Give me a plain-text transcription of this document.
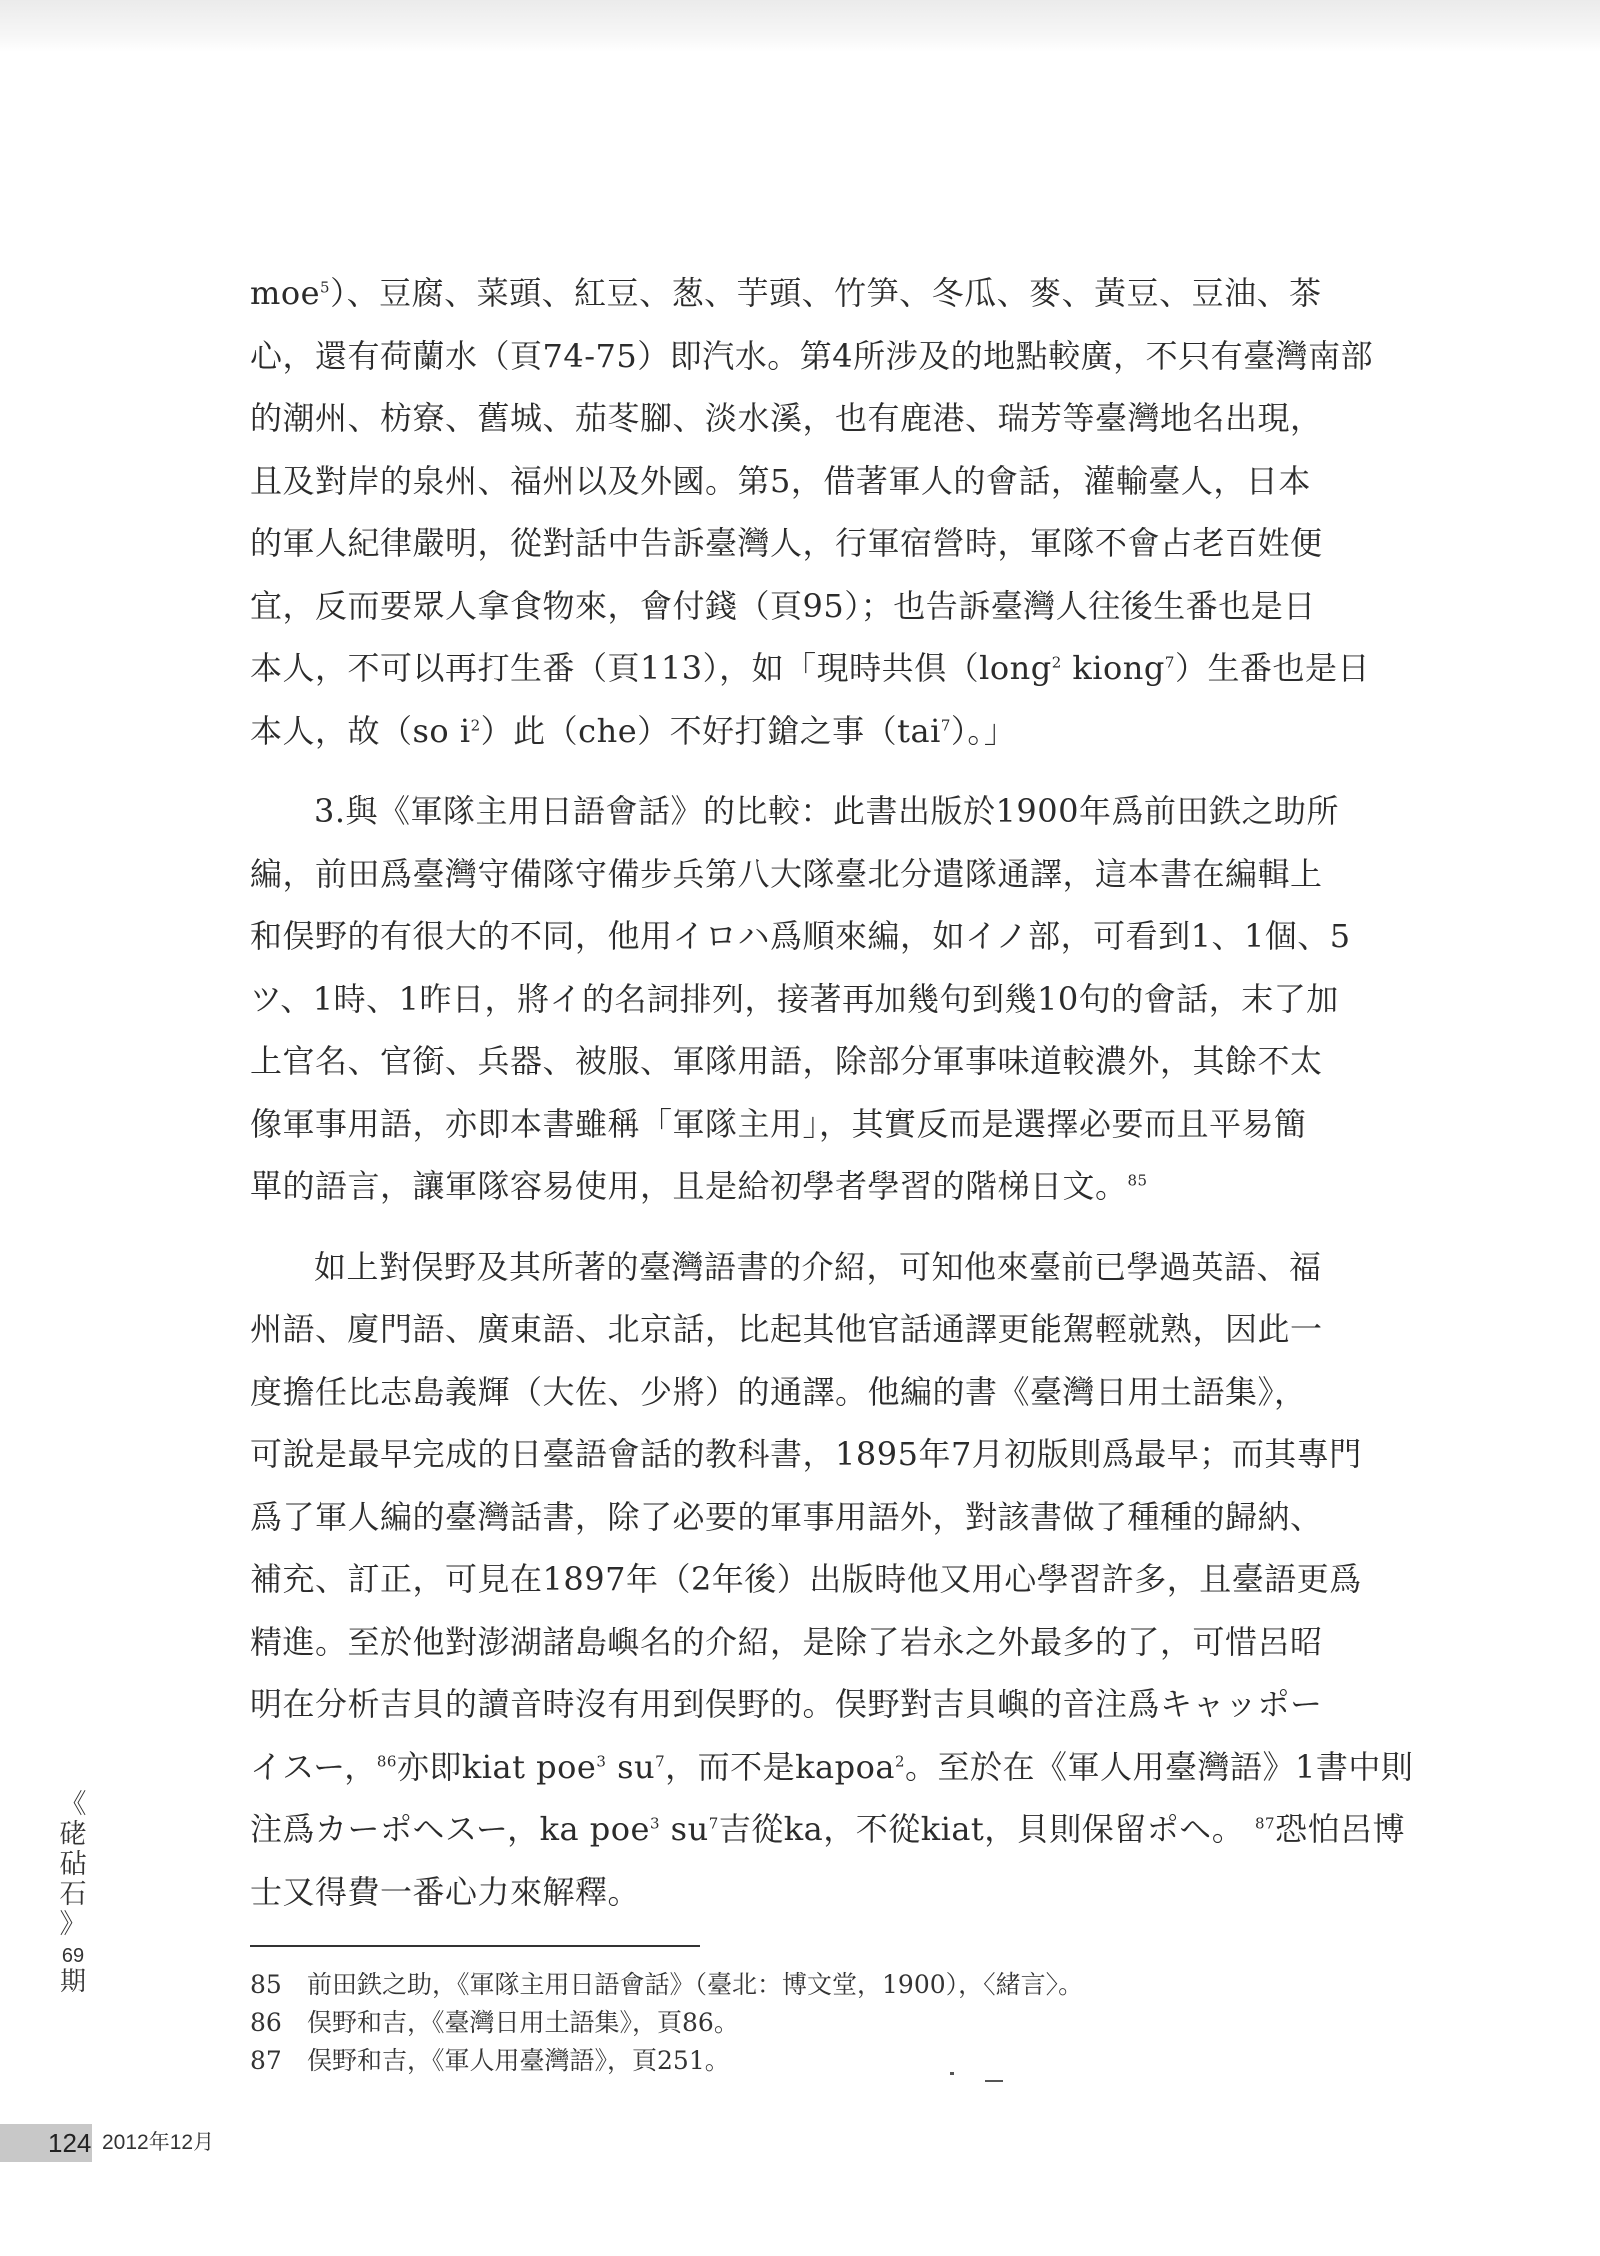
moe$^5$）、豆腐、菜頭、紅豆、葱、芋頭、竹笋、冬瓜、麥、黃豆、豆油、茶
心，還有荷蘭水（頁74-75）即汽水。第4所涉及的地點較廣，不只有臺灣南部
的潮州、枋寮、舊城、茄苳腳、淡水溪，也有鹿港、瑞芳等臺灣地名出現，
且及對岸的泉州、福州以及外國。第5，借著軍人的會話，灌輸臺人，日本
的軍人紀律嚴明，從對話中告訴臺灣人，行軍宿營時，軍隊不會占老百姓便
宜，反而要眾人拿食物來，會付錢（頁95）；也告訴臺灣人往後生番也是日
本人，不可以再打生番（頁113），如「現時共倶（long$^2$ kiong$^7$）生番也是日
本人，故（so $i^2$）此（che）不好打鎗之事（tai$^7$）。」
3.與《軍隊主用日語會話》的比較：此書出版於1900年爲前田鉄之助所
編，前田爲臺灣守備隊守備步兵第八大隊臺北分遣隊通譯，這本書在編輯上
和俣野的有很大的不同，他用イロハ爲順來編，如イノ部，可看到1、1個、5
ツ、1時、1昨日，將イ的名詞排列，接著再加幾句到幾10句的會話，末了加
上官名、官銜、兵器、被服、軍隊用語，除部分軍事味道較濃外，其餘不太
像軍事用語，亦即本書雖稱「軍隊主用」，其實反而是選擇必要而且平易簡
單的語言，讓軍隊容易使用，且是給初學者學習的階梯日文。$^{85}$
如上對俣野及其所著的臺灣語書的介紹，可知他來臺前已學過英語、福
州語、廈門語、廣東語、北京話，比起其他官話通譯更能駕輕就熟，因此一
度擔任比志島義輝（大佐、少將）的通譯。他編的書《臺灣日用土語集》，
可說是最早完成的日臺語會話的教科書，1895年7月初版則爲最早；而其專門
爲了軍人編的臺灣話書，除了必要的軍事用語外，對該書做了種種的歸納、
補充、訂正，可見在1897年（2年後）出版時他又用心學習許多，且臺語更爲
精進。至於他對澎湖諸島嶼名的介紹，是除了岩永之外最多的了，可惜呂昭
明在分析吉貝的讀音時沒有用到俣野的。俣野對吉貝嶼的音注爲キャッポー
イスー，$^{86}$亦即kiat poe$^3$ $su^7$，而不是kapoa$^2$。至於在《軍人用臺灣語》1書中則
注爲カーポヘスー，ka poe$^3$ $su^7$吉從ka，不從kiat，貝則保留ポヘ。 $^{87}$恐怕呂博
士又得費一番心力來解釋。
85 前田鉄之助，《軍隊主用日語會話》（臺北：博文堂，1900），〈緒言〉。
86 俣野和吉，《臺灣日用土語集》，頁86。
87 俣野和吉，《軍人用臺灣語》，頁251。
《
硓
砧
石
》
69
期
124 2012年12月
